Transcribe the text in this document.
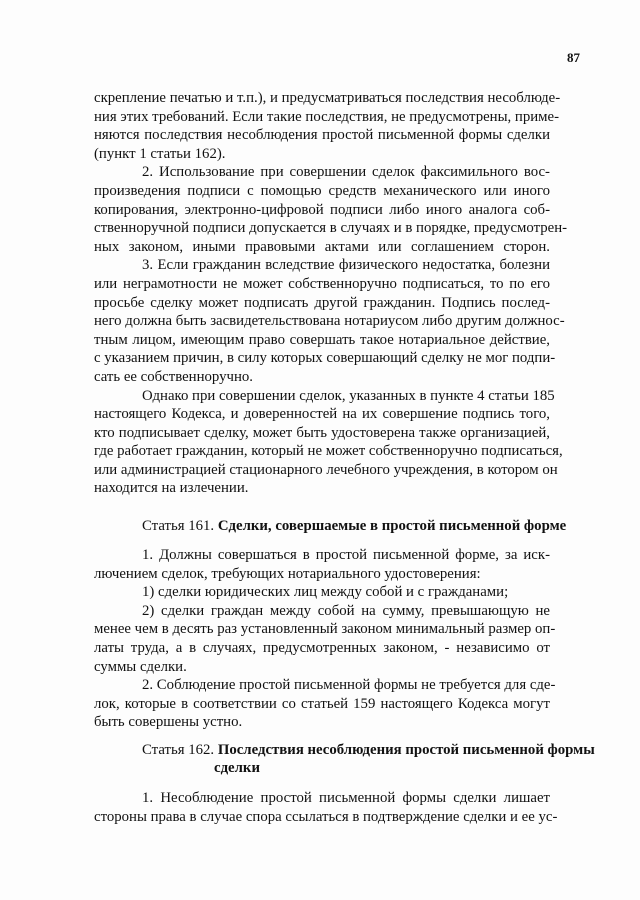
87
скрепление печатью и т.п.), и предусматриваться последствия несоблюде-
ния этих требований. Если такие последствия, не предусмотрены, приме-
няются последствия несоблюдения простой письменной формы сделки
(пункт 1 статьи 162).
2. Использование при совершении сделок факсимильного вос-
произведения подписи с помощью средств механического или иного
копирования, электронно-цифровой подписи либо иного аналога соб-
ственноручной подписи допускается в случаях и в порядке, предусмотрен-
ных законом, иными правовыми актами или соглашением сторон.
3. Если гражданин вследствие физического недостатка, болезни
или неграмотности не может собственноручно подписаться, то по его
просьбе сделку может подписать другой гражданин. Подпись послед-
него должна быть засвидетельствована нотариусом либо другим должнос-
тным лицом, имеющим право совершать такое нотариальное действие,
с указанием причин, в силу которых совершающий сделку не мог подпи-
сать ее собственноручно.
Однако при совершении сделок, указанных в пункте 4 статьи 185
настоящего Кодекса, и доверенностей на их совершение подпись того,
кто подписывает сделку, может быть удостоверена также организацией,
где работает гражданин, который не может собственноручно подписаться,
или администрацией стационарного лечебного учреждения, в котором он
находится на излечении.
Статья 161. Сделки, совершаемые в простой письменной форме
1. Должны совершаться в простой письменной форме, за иск-
лючением сделок, требующих нотариального удостоверения:
1) сделки юридических лиц между собой и с гражданами;
2) сделки граждан между собой на сумму, превышающую не
менее чем в десять раз установленный законом минимальный размер оп-
латы труда, а в случаях, предусмотренных законом, - независимо от
суммы сделки.
2. Соблюдение простой письменной формы не требуется для сде-
лок, которые в соответствии со статьей 159 настоящего Кодекса могут
быть совершены устно.
Статья 162. Последствия несоблюдения простой письменной формы
сделки
1. Несоблюдение простой письменной формы сделки лишает
стороны права в случае спора ссылаться в подтверждение сделки и ее ус-
